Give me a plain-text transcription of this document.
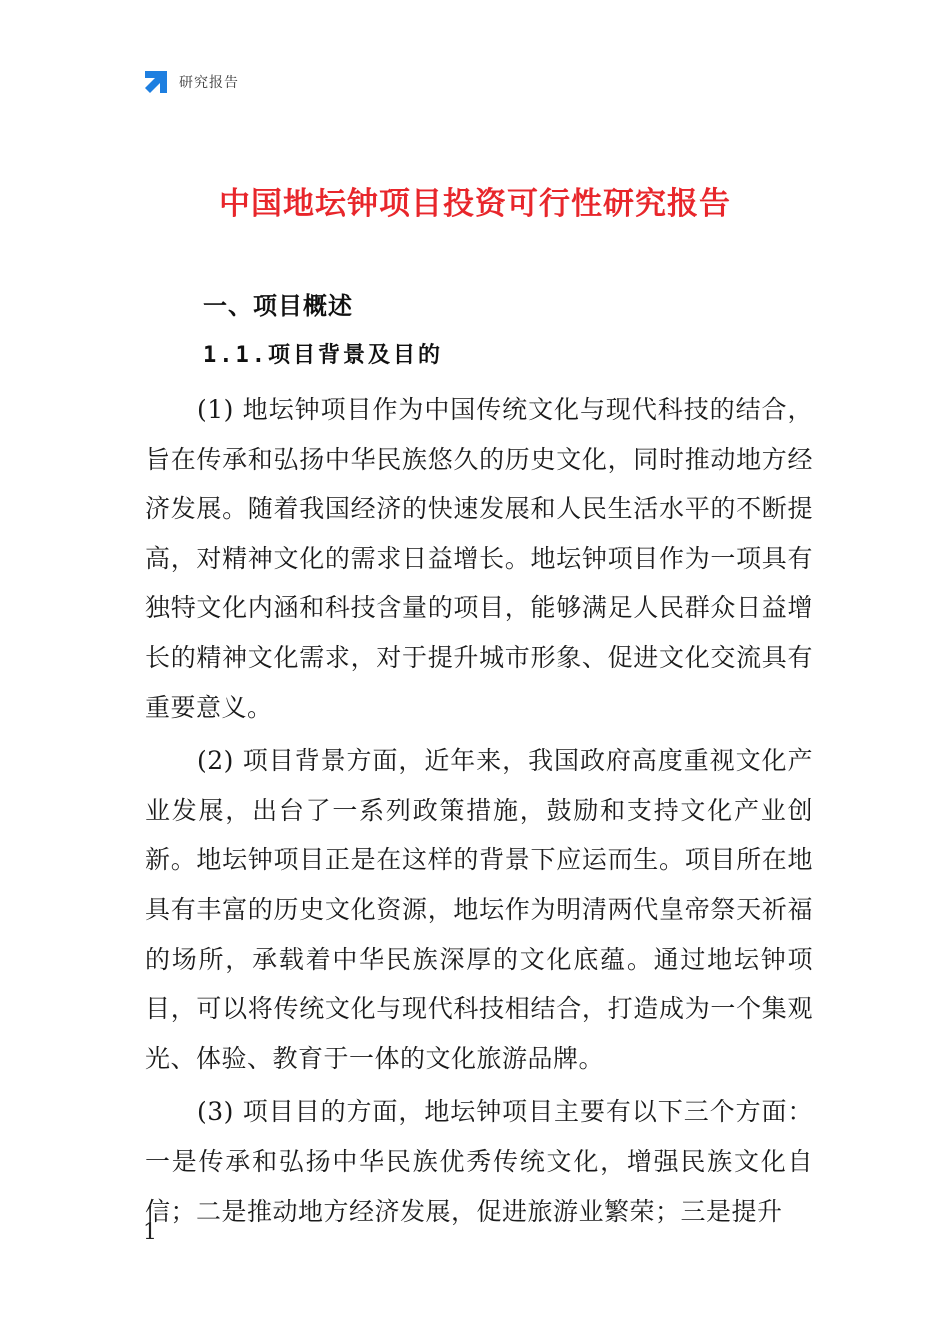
研究报告
中国地坛钟项目投资可行性研究报告
一、项目概述
1.1.项目背景及目的

(1) 地坛钟项目作为中国传统文化与现代科技的结合，旨在传承和弘扬中华民族悠久的历史文化，同时推动地方经济发展。随着我国经济的快速发展和人民生活水平的不断提高，对精神文化的需求日益增长。地坛钟项目作为一项具有独特文化内涵和科技含量的项目，能够满足人民群众日益增长的精神文化需求，对于提升城市形象、促进文化交流具有重要意义。

(2) 项目背景方面，近年来，我国政府高度重视文化产业发展，出台了一系列政策措施，鼓励和支持文化产业创新。地坛钟项目正是在这样的背景下应运而生。项目所在地具有丰富的历史文化资源，地坛作为明清两代皇帝祭天祈福的场所，承载着中华民族深厚的文化底蕴。通过地坛钟项目，可以将传统文化与现代科技相结合，打造成为一个集观光、体验、教育于一体的文化旅游品牌。

(3) 项目目的方面，地坛钟项目主要有以下三个方面：一是传承和弘扬中华民族优秀传统文化，增强民族文化自信；二是推动地方经济发展，促进旅游业繁荣；三是提升

1
